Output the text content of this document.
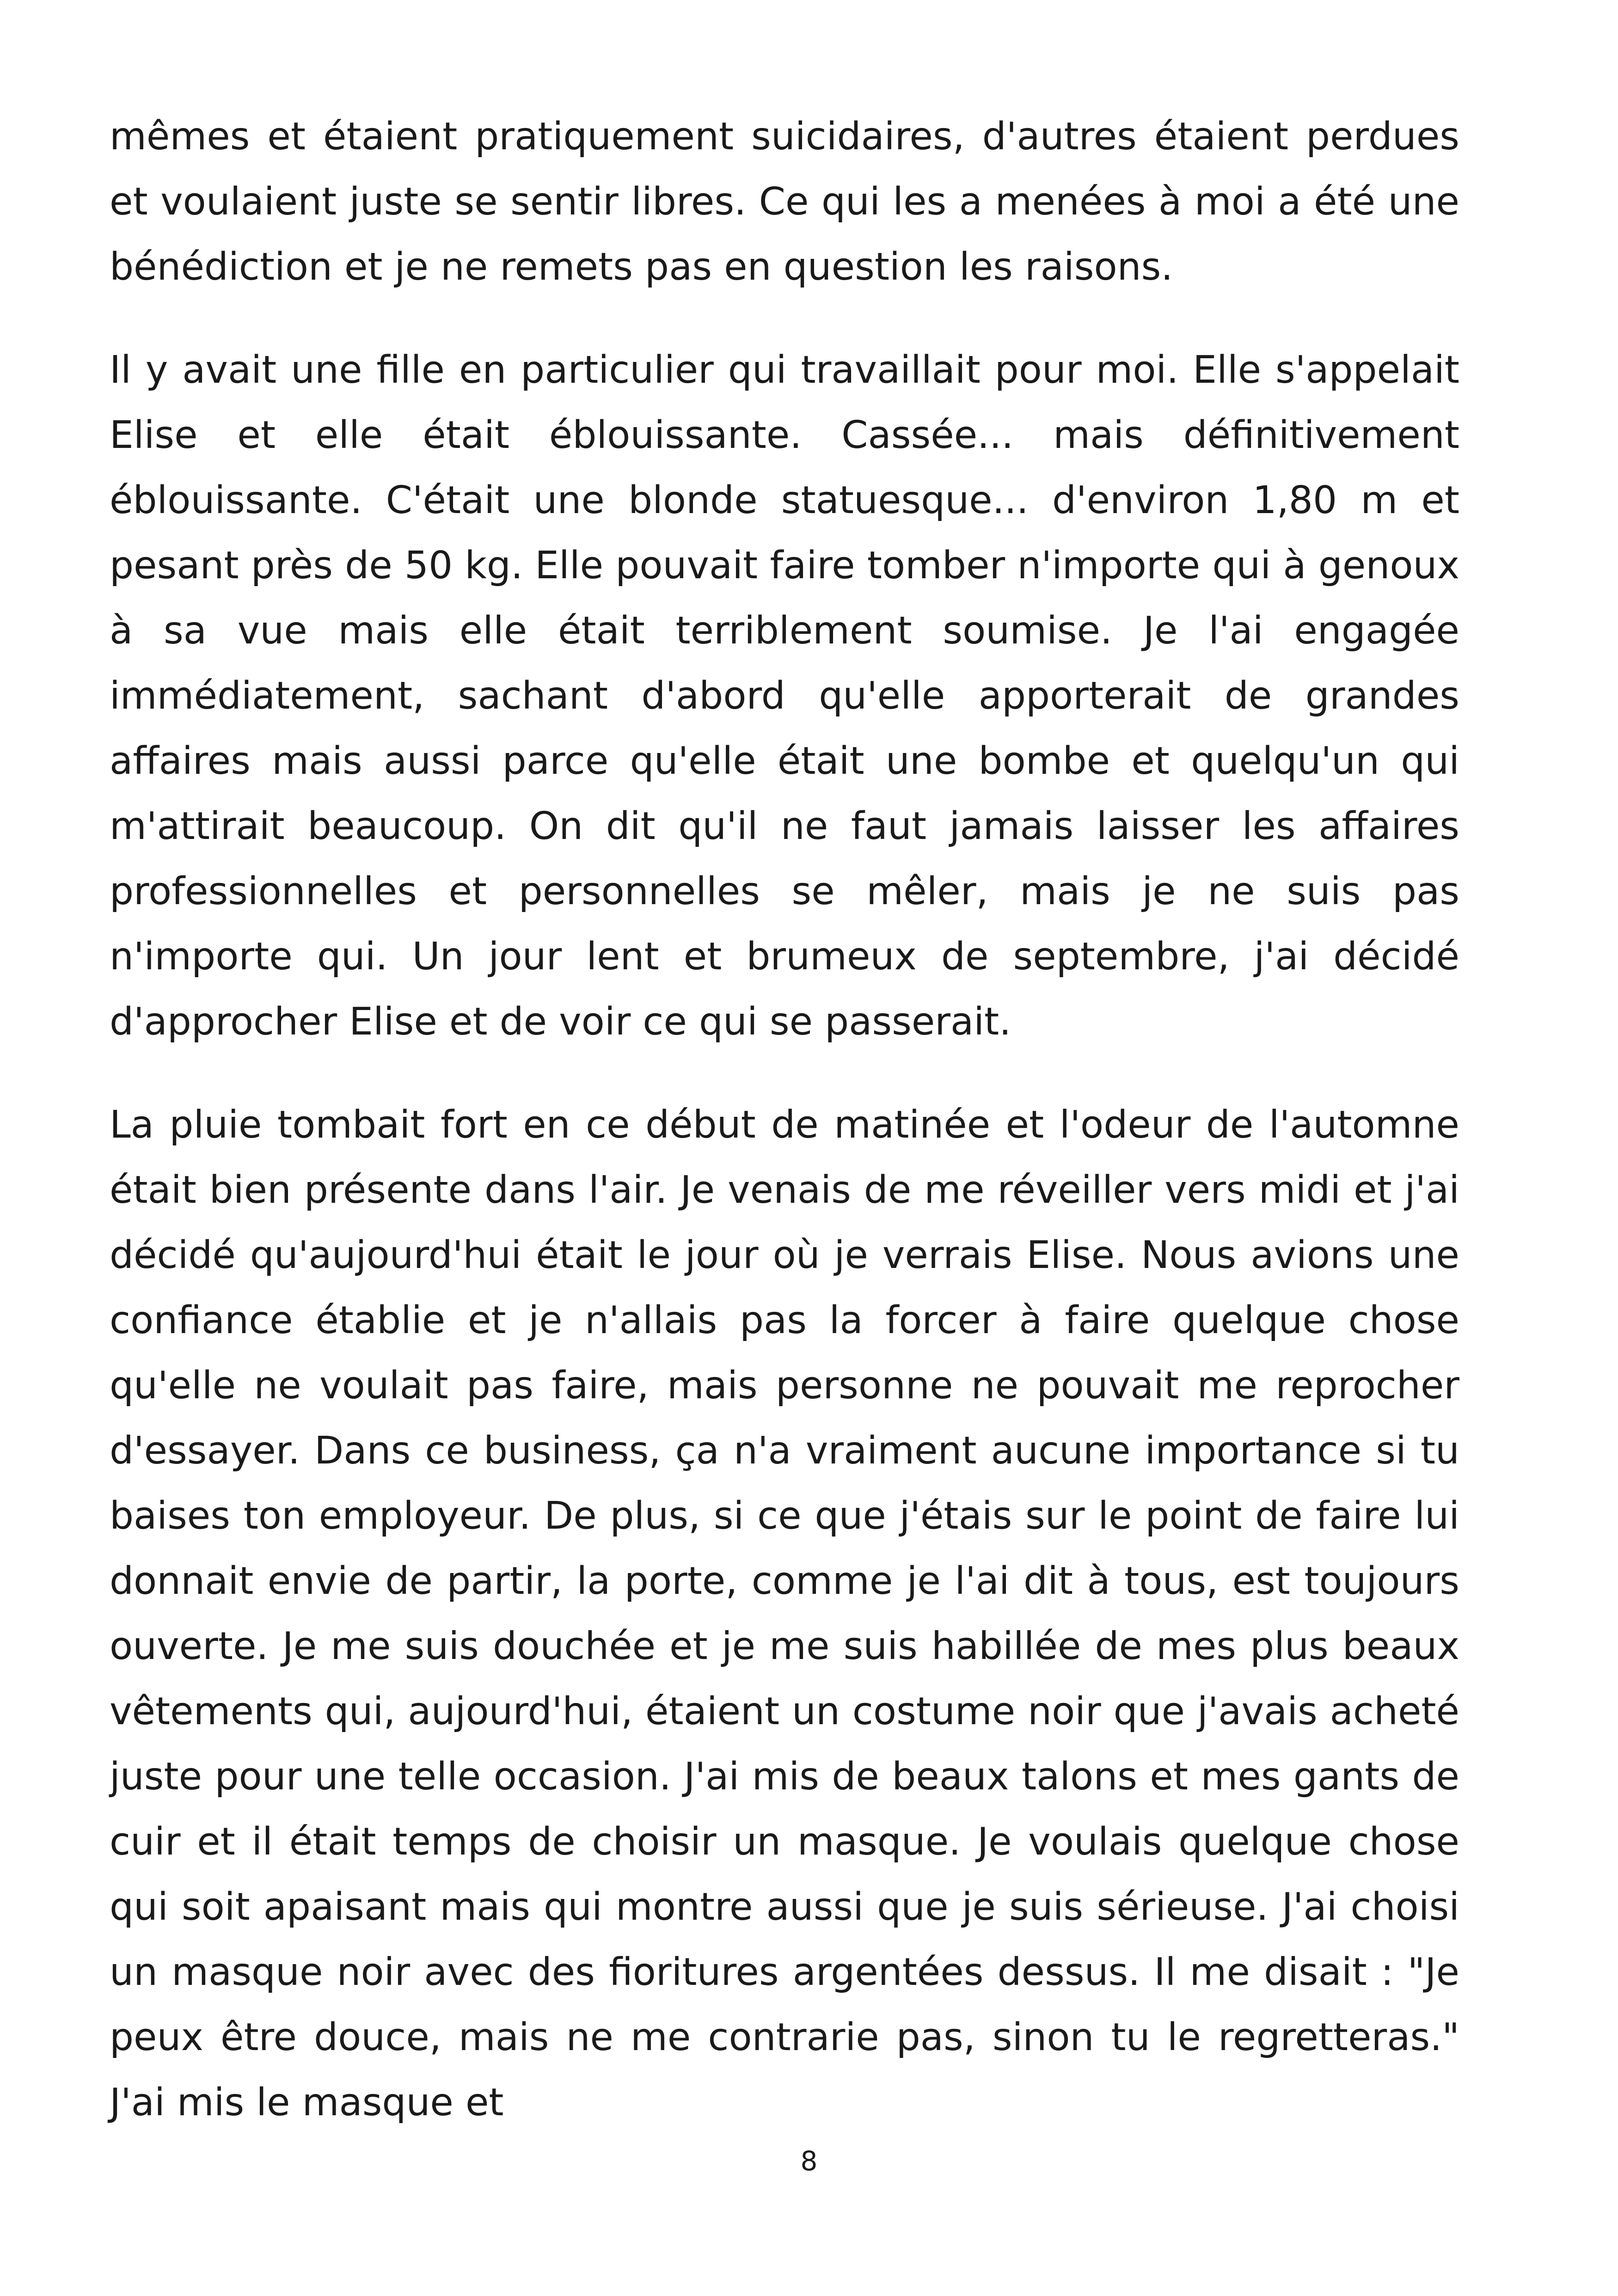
mêmes et étaient pratiquement suicidaires, d'autres étaient perdues et voulaient juste se sentir libres. Ce qui les a menées à moi a été une bénédiction et je ne remets pas en question les raisons.

Il y avait une fille en particulier qui travaillait pour moi. Elle s'appelait Elise et elle était éblouissante. Cassée... mais définitivement éblouissante. C'était une blonde statuesque... d'environ 1,80 m et pesant près de 50 kg. Elle pouvait faire tomber n'importe qui à genoux à sa vue mais elle était terriblement soumise. Je l'ai engagée immédiatement, sachant d'abord qu'elle apporterait de grandes affaires mais aussi parce qu'elle était une bombe et quelqu'un qui m'attirait beaucoup. On dit qu'il ne faut jamais laisser les affaires professionnelles et personnelles se mêler, mais je ne suis pas n'importe qui. Un jour lent et brumeux de septembre, j'ai décidé d'approcher Elise et de voir ce qui se passerait.

La pluie tombait fort en ce début de matinée et l'odeur de l'automne était bien présente dans l'air. Je venais de me réveiller vers midi et j'ai décidé qu'aujourd'hui était le jour où je verrais Elise. Nous avions une confiance établie et je n'allais pas la forcer à faire quelque chose qu'elle ne voulait pas faire, mais personne ne pouvait me reprocher d'essayer. Dans ce business, ça n'a vraiment aucune importance si tu baises ton employeur. De plus, si ce que j'étais sur le point de faire lui donnait envie de partir, la porte, comme je l'ai dit à tous, est toujours ouverte. Je me suis douchée et je me suis habillée de mes plus beaux vêtements qui, aujourd'hui, étaient un costume noir que j'avais acheté juste pour une telle occasion. J'ai mis de beaux talons et mes gants de cuir et il était temps de choisir un masque. Je voulais quelque chose qui soit apaisant mais qui montre aussi que je suis sérieuse. J'ai choisi un masque noir avec des fioritures argentées dessus. Il me disait : "Je peux être douce, mais ne me contrarie pas, sinon tu le regretteras." J'ai mis le masque et

8
